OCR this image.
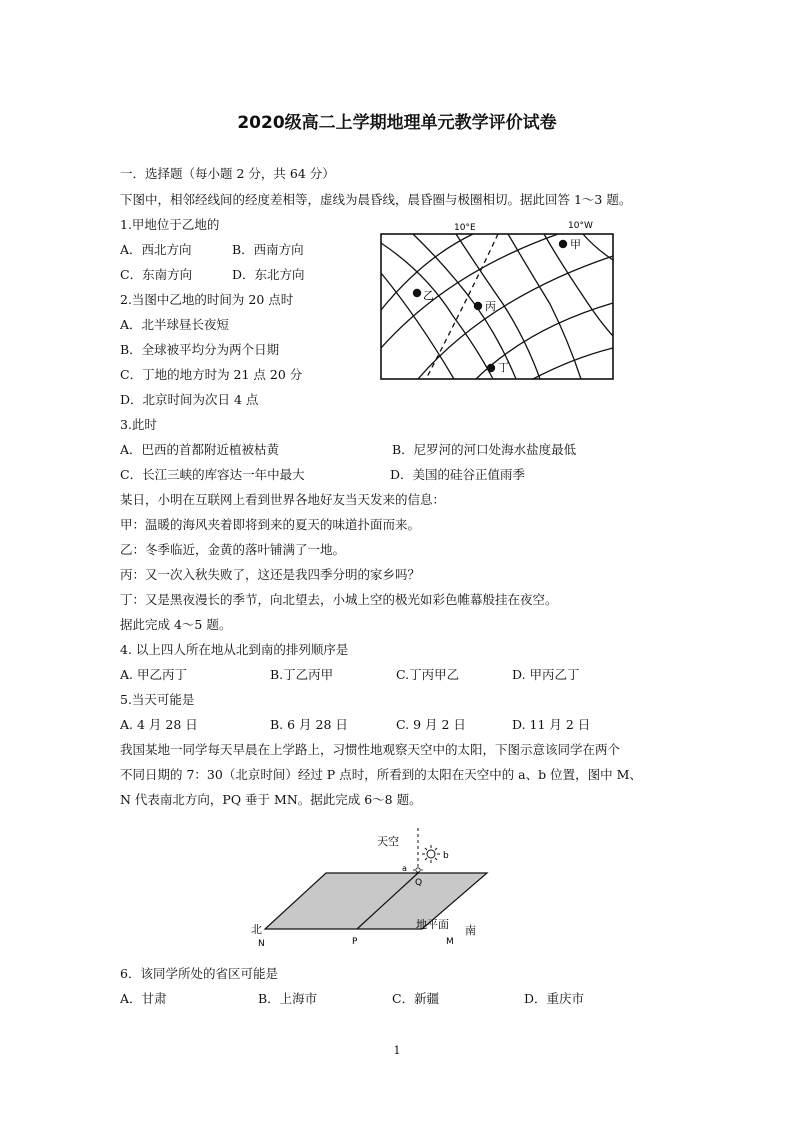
2020级高二上学期地理单元教学评价试卷
一．选择题（每小题 2 分，共 64 分）
下图中，相邻经线间的经度差相等，虚线为晨昏线，晨昏圈与极圈相切。据此回答 1～3 题。
1.甲地位于乙地的
A．西北方向	B．西南方向
C．东南方向	D．东北方向
2.当图中乙地的时间为 20 点时
A．北半球昼长夜短
B．全球被平均分为两个日期
C．丁地的地方时为 21 点 20 分
D．北京时间为次日 4 点
10°E	10°W
甲
乙
丙
丁
3.此时
A．巴西的首都附近植被枯黄	B．尼罗河的河口处海水盐度最低
C．长江三峡的库容达一年中最大	D．美国的硅谷正值雨季
某日，小明在互联网上看到世界各地好友当天发来的信息：
甲：温暖的海风夹着即将到来的夏天的味道扑面而来。
乙：冬季临近，金黄的落叶铺满了一地。
丙：又一次入秋失败了，这还是我四季分明的家乡吗？
丁：又是黑夜漫长的季节，向北望去，小城上空的极光如彩色帷幕般挂在夜空。
据此完成 4～5 题。
4. 以上四人所在地从北到南的排列顺序是
A. 甲乙丙丁	B.丁乙丙甲	C.丁丙甲乙	D. 甲丙乙丁
5.当天可能是
A. 4 月 28 日	B. 6 月 28 日	C. 9 月 2 日	D. 11 月 2 日
我国某地一同学每天早晨在上学路上，习惯性地观察天空中的太阳，下图示意该同学在两个
不同日期的 7：30（北京时间）经过 P 点时，所看到的太阳在天空中的 a、b 位置，图中 M、
N 代表南北方向，PQ 垂于 MN。据此完成 6～8 题。
天空
b
a
Q
北
N	P
地平面
M
南
6．该同学所处的省区可能是
A．甘肃	B．上海市	C．新疆	D．重庆市
1
